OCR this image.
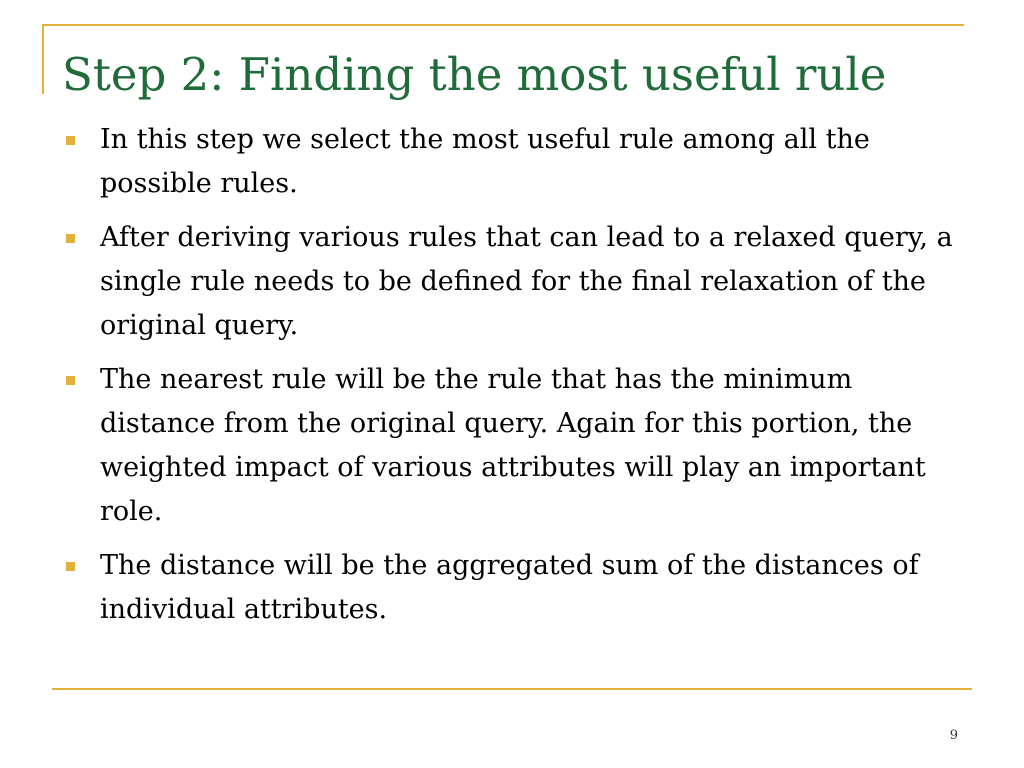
Step 2: Finding the most useful rule
In this step we select the most useful rule among all the possible rules.
After deriving various rules that can lead to a relaxed query, a single rule needs to be defined for the final relaxation of the original query.
The nearest rule will be the rule that has the minimum distance from the original query. Again for this portion, the weighted impact of various attributes will play an important role.
The distance will be the aggregated sum of the distances of individual attributes.
9
